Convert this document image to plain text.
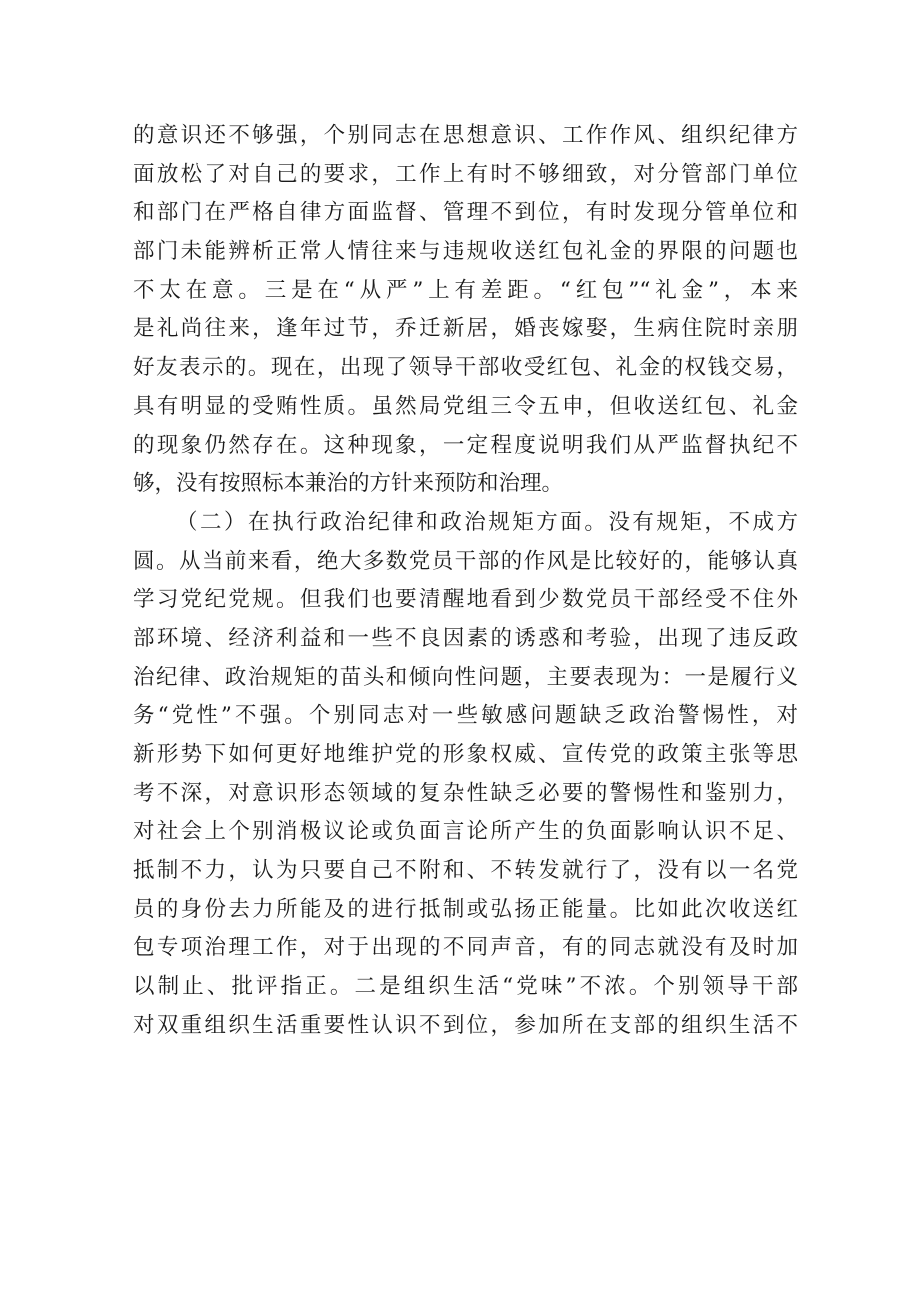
的意识还不够强，个别同志在思想意识、工作作风、组织纪律方
面放松了对自己的要求，工作上有时不够细致，对分管部门单位
和部门在严格自律方面监督、管理不到位，有时发现分管单位和
部门未能辨析正常人情往来与违规收送红包礼金的界限的问题也
不太在意。三是在“从严”上有差距。“红包”“礼金”，本来
是礼尚往来，逢年过节，乔迁新居，婚丧嫁娶，生病住院时亲朋
好友表示的。现在，出现了领导干部收受红包、礼金的权钱交易，
具有明显的受贿性质。虽然局党组三令五申，但收送红包、礼金
的现象仍然存在。这种现象，一定程度说明我们从严监督执纪不
够，没有按照标本兼治的方针来预防和治理。
（二）在执行政治纪律和政治规矩方面。没有规矩，不成方
圆。从当前来看，绝大多数党员干部的作风是比较好的，能够认真
学习党纪党规。但我们也要清醒地看到少数党员干部经受不住外
部环境、经济利益和一些不良因素的诱惑和考验，出现了违反政
治纪律、政治规矩的苗头和倾向性问题，主要表现为：一是履行义
务“党性”不强。个别同志对一些敏感问题缺乏政治警惕性，对
新形势下如何更好地维护党的形象权威、宣传党的政策主张等思
考不深，对意识形态领域的复杂性缺乏必要的警惕性和鉴别力，
对社会上个别消极议论或负面言论所产生的负面影响认识不足、
抵制不力，认为只要自己不附和、不转发就行了，没有以一名党
员的身份去力所能及的进行抵制或弘扬正能量。比如此次收送红
包专项治理工作，对于出现的不同声音，有的同志就没有及时加
以制止、批评指正。二是组织生活“党味”不浓。个别领导干部
对双重组织生活重要性认识不到位，参加所在支部的组织生活不
